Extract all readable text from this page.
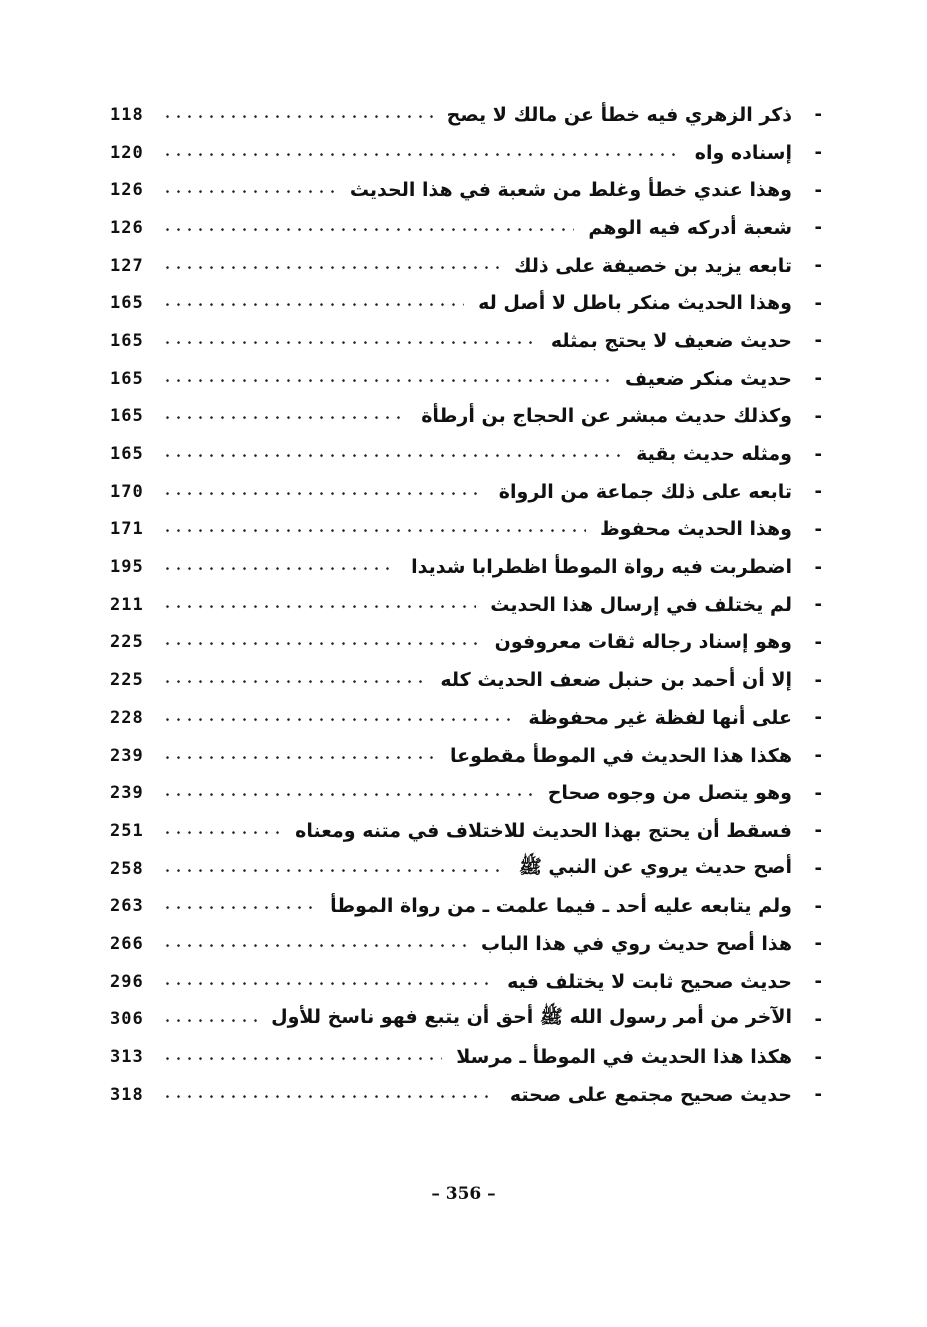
118	ذكر الزهري فيه خطأ عن مالك لا يصح -
120	إسناده واه -
126	وهذا عندي خطأ وغلط من شعبة في هذا الحديث -
126	شعبة أدركه فيه الوهم -
127	تابعه يزيد بن خصيفة على ذلك -
165	وهذا الحديث منكر باطل لا أصل له -
165	حديث ضعيف لا يحتج بمثله -
165	حديث منكر ضعيف -
165	وكذلك حديث مبشر عن الحجاج بن أرطأة -
165	ومثله حديث بقية -
170	تابعه على ذلك جماعة من الرواة -
171	وهذا الحديث محفوظ -
195	اضطربت فيه رواة الموطأ اظطرابا شديدا -
211	لم يختلف في إرسال هذا الحديث -
225	وهو إسناد رجاله ثقات معروفون -
225	إلا أن أحمد بن حنبل ضعف الحديث كله -
228	على أنها لفظة غير محفوظة -
239	هكذا هذا الحديث في الموطأ مقطوعا -
239	وهو يتصل من وجوه صحاح -
251	فسقط أن يحتج بهذا الحديث للاختلاف في متنه ومعناه -
258	أصح حديث يروي عن النبي ﷺ -
263	ولم يتابعه عليه أحد ـ فيما علمت ـ من رواة الموطأ -
266	هذا أصح حديث روي في هذا الباب -
296	حديث صحيح ثابت لا يختلف فيه -
306	الآخر من أمر رسول الله ﷺ أحق أن يتبع فهو ناسخ للأول -
313	هكذا هذا الحديث في الموطأ ـ مرسلا -
318	حديث صحيح مجتمع على صحته -
– 356 –
